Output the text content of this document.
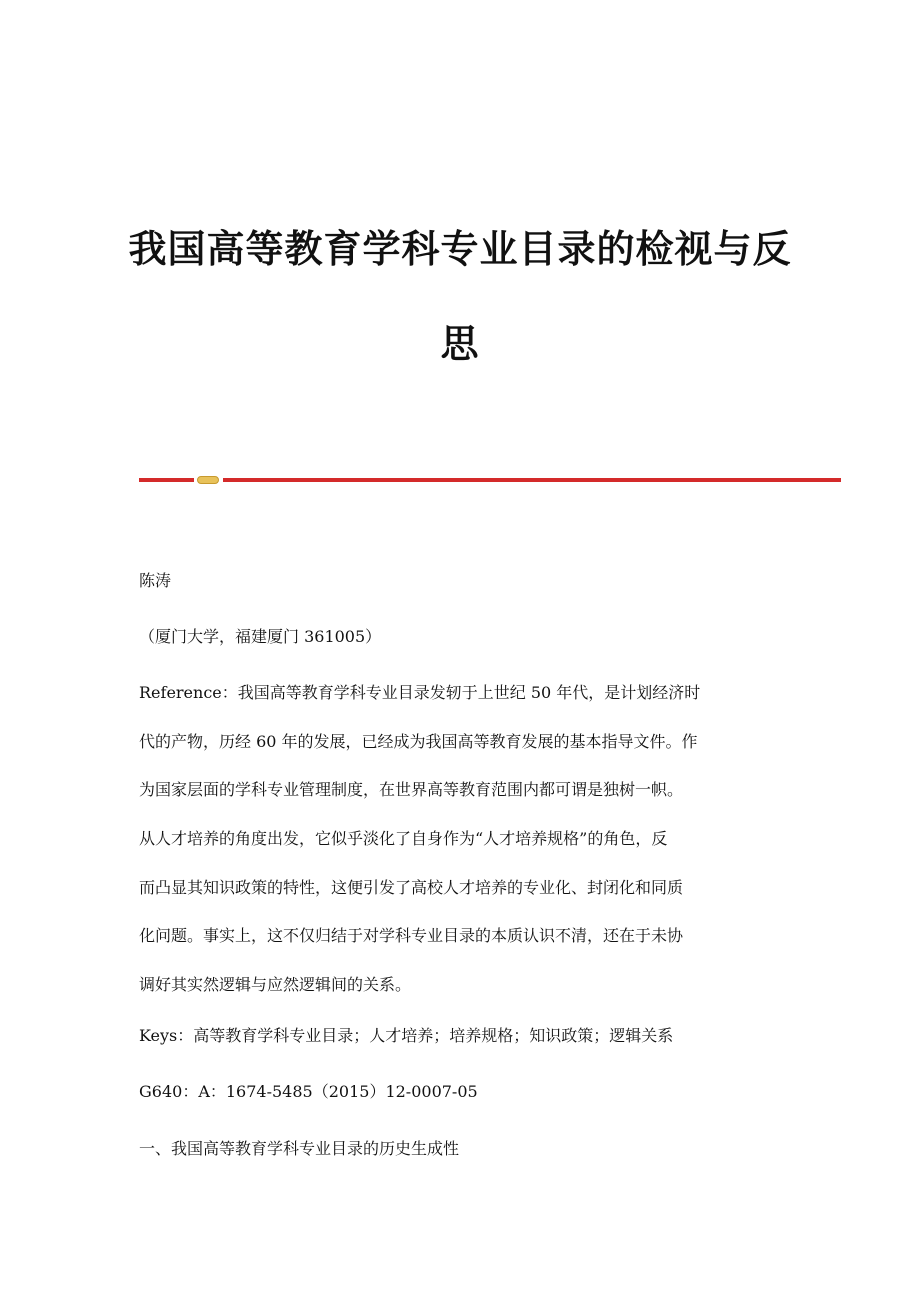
我国高等教育学科专业目录的检视与反
思
陈涛
（厦门大学，福建厦门 361005）
Reference：我国高等教育学科专业目录发轫于上世纪 50 年代，是计划经济时
代的产物，历经 60 年的发展，已经成为我国高等教育发展的基本指导文件。作
为国家层面的学科专业管理制度，在世界高等教育范围内都可谓是独树一帜。
从人才培养的角度出发，它似乎淡化了自身作为“人才培养规格”的角色，反
而凸显其知识政策的特性，这便引发了高校人才培养的专业化、封闭化和同质
化问题。事实上，这不仅归结于对学科专业目录的本质认识不清，还在于未协
调好其实然逻辑与应然逻辑间的关系。
Keys：高等教育学科专业目录；人才培养；培养规格；知识政策；逻辑关系
G640：A：1674-5485（2015）12-0007-05
一、我国高等教育学科专业目录的历史生成性
